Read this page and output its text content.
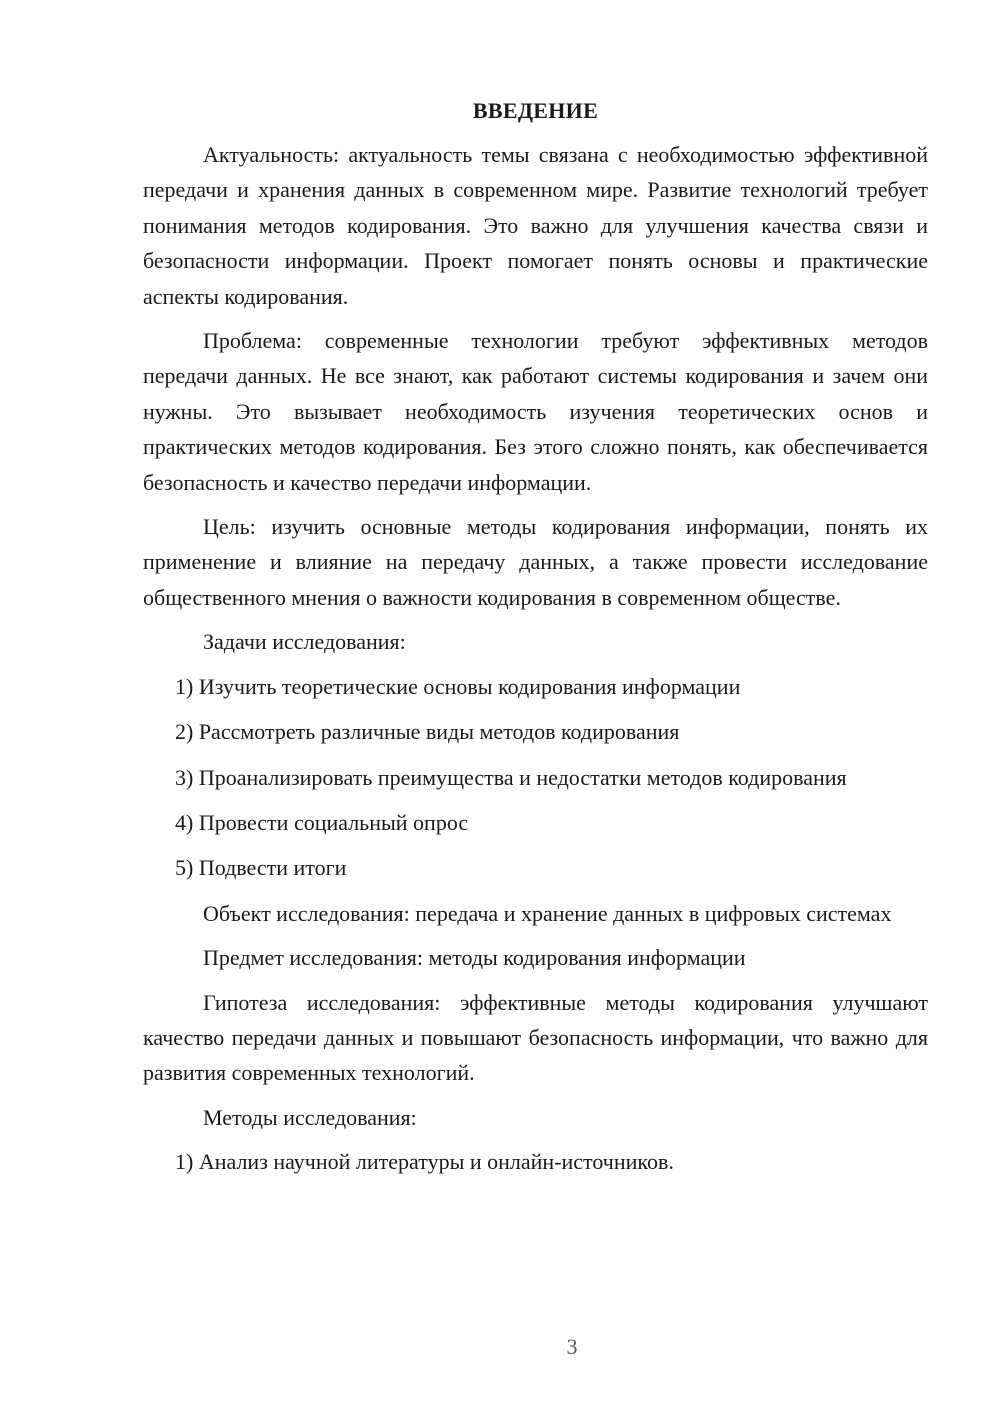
ВВЕДЕНИЕ

Актуальность: актуальность темы связана с необходимостью эффективной передачи и хранения данных в современном мире. Развитие технологий требует понимания методов кодирования. Это важно для улучшения качества связи и безопасности информации. Проект помогает понять основы и практические аспекты кодирования.

Проблема: современные технологии требуют эффективных методов передачи данных. Не все знают, как работают системы кодирования и зачем они нужны. Это вызывает необходимость изучения теоретических основ и практических методов кодирования. Без этого сложно понять, как обеспечивается безопасность и качество передачи информации.

Цель: изучить основные методы кодирования информации, понять их применение и влияние на передачу данных, а также провести исследование общественного мнения о важности кодирования в современном обществе.

Задачи исследования:

1) Изучить теоретические основы кодирования информации

2) Рассмотреть различные виды методов кодирования

3) Проанализировать преимущества и недостатки методов кодирования

4) Провести социальный опрос

5) Подвести итоги

Объект исследования: передача и хранение данных в цифровых системах

Предмет исследования: методы кодирования информации

Гипотеза исследования: эффективные методы кодирования улучшают качество передачи данных и повышают безопасность информации, что важно для развития современных технологий.

Методы исследования:

1) Анализ научной литературы и онлайн-источников.

3
